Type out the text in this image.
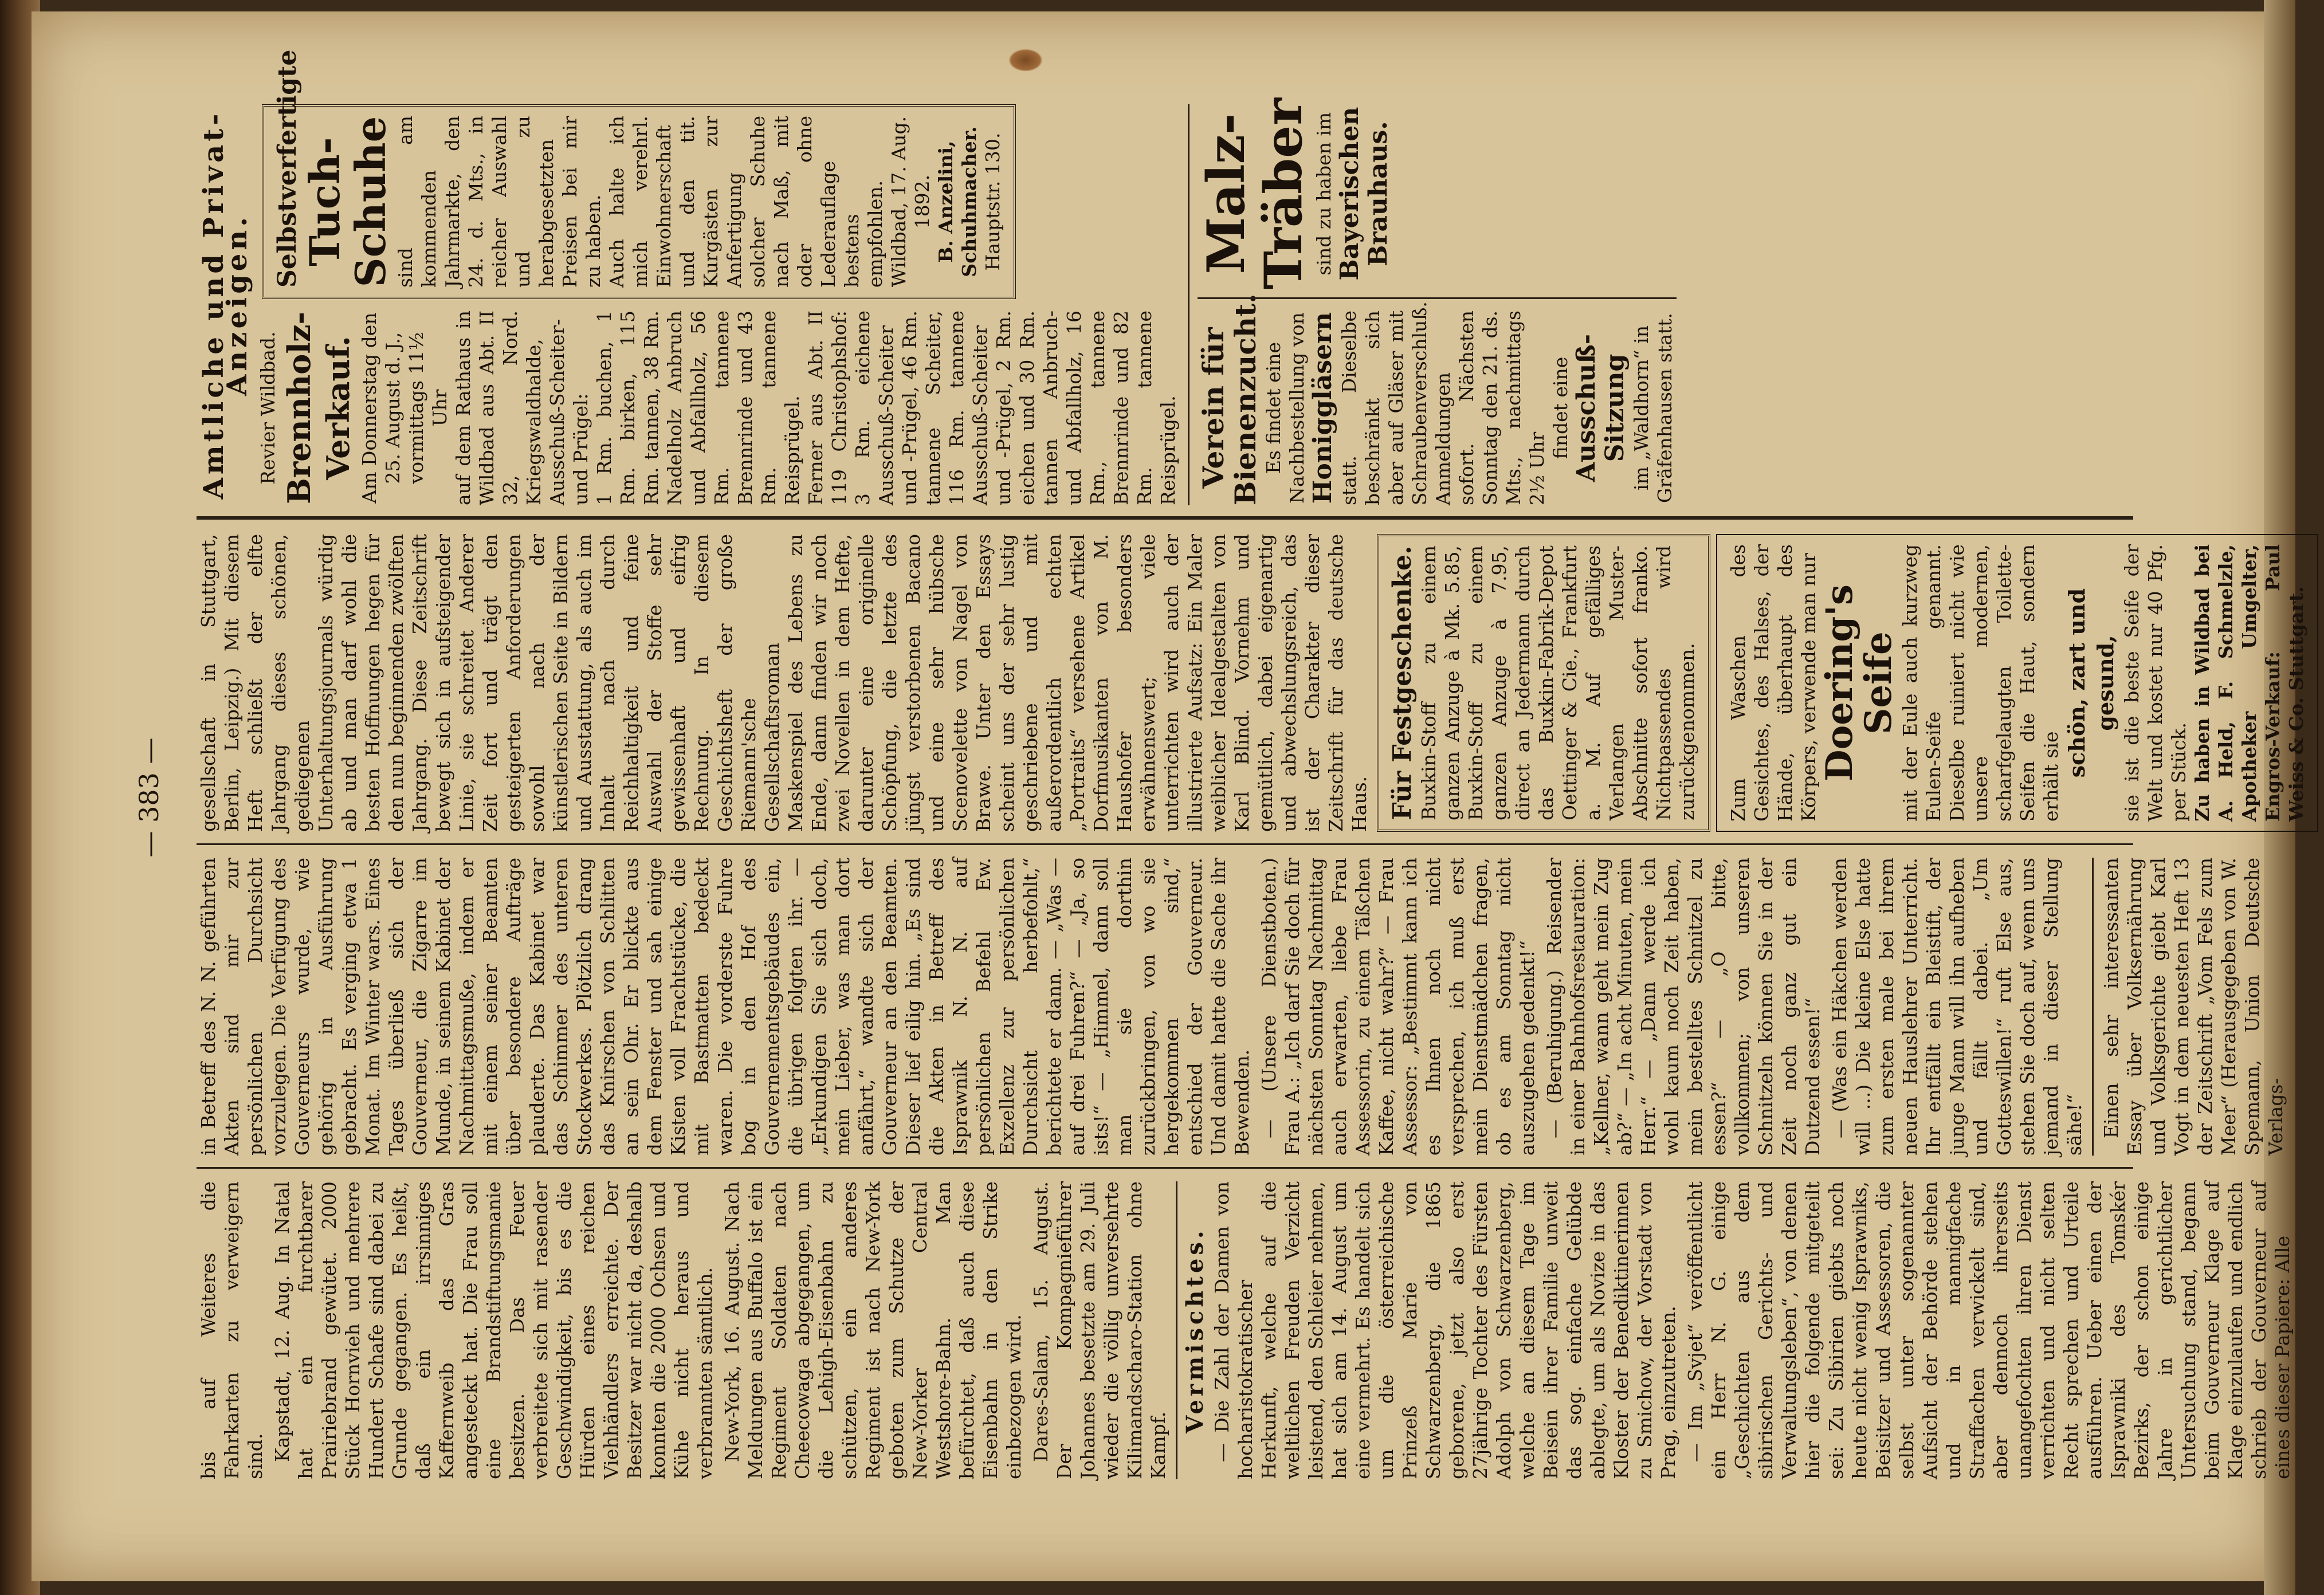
— 383 —

bis auf Weiteres die Fahrkarten zu verweigern sind. Kapstadt, 12. Aug. In Natal hat ein furchtbarer Prairiebrand gewütet. 2000 Stück Hornvieh und mehrere Hundert Schafe sind dabei zu Grunde gegangen. Es heißt, daß ein irrsinniges Kaffernweib das Gras angesteckt hat. Die Frau soll eine Brandstiftungsmanie besitzen. Das Feuer verbreitete sich mit rasender Geschwindigkeit, bis es die Hürden eines reichen Viehhändlers erreichte. Der Besitzer war nicht da, deshalb konnten die 2000 Ochsen und Kühe nicht heraus und verbrannten sämtlich. New-York, 16. August. Nach Meldungen aus Buffalo ist ein Regiment Soldaten nach Cheecowaga abgegangen, um die Lehigh-Eisenbahn zu schützen, ein anderes Regiment ist nach New-York geboten zum Schutze der New-Yorker Central Westshore-Bahn. Man befürchtet, daß auch diese Eisenbahn in den Strike einbezogen wird. Dares-Salam, 15. August. Der Kompagnieführer Johannes besetzte am 29. Juli wieder die völlig unversehrte Kilimandscharo-Station ohne Kampf.

Vermischtes. — Die Zahl der Damen von hocharistokratischer Herkunft, welche auf die weltlichen Freuden Verzicht leistend, den Schleier nehmen, hat sich am 14. August um eine vermehrt. Es handelt sich um die österreichische Prinzeß Marie von Schwarzenberg, die 1865 geborene, jetzt also erst 27jährige Tochter des Fürsten Adolph von Schwarzenberg, welche an diesem Tage im Beisein ihrer Familie unweit das sog. einfache Gelübde ablegte, um als Novize in das Kloster der Benediktinerinnen zu Smichow, der Vorstadt von Prag, einzutreten. — Im „Svjet“ veröffentlicht ein Herr N. G. einige „Geschichten aus dem sibirischen Gerichts- und Verwaltungsleben“, von denen hier die folgende mitgeteilt sei: Zu Sibirien giebts noch heute nicht wenig Isprawniks, Beisitzer und Assessoren, die selbst unter sogenannter Aufsicht der Behörde stehen und in mannigfache Straffachen verwickelt sind, aber dennoch ihrerseits unangefochten ihren Dienst verrichten und nicht selten Recht sprechen und Urteile ausführen. Ueber einen der Isprawniki des Tomskér Bezirks, der schon einige Jahre in gerichtlicher Untersuchung stand, begann beim Gouverneur Klage auf Klage einzulaufen und endlich schrieb der Gouverneur auf eines dieser Papiere: Alle

in Betreff des N. N. geführten Akten sind mir zur persönlichen Durchsicht vorzulegen. Die Verfügung des Gouverneurs wurde, wie gehörig in Ausführung gebracht. Es verging etwa 1 Monat. Im Winter wars. Eines Tages überließ sich der Gouverneur, die Zigarre im Munde, in seinem Kabinet der Nachmittagsmuße, indem er mit einem seiner Beamten über besondere Aufträge plauderte. Das Kabinet war das Schimmer des unteren Stockwerkes. Plötzlich drang das Knirschen von Schlitten an sein Ohr. Er blickte aus dem Fenster und sah einige Kisten voll Frachtstücke, die mit Bastmatten bedeckt waren. Die vorderste Fuhre bog in den Hof des Gouvernementsgebäudes ein, die übrigen folgten ihr. — „Erkundigen Sie sich doch, mein Lieber, was man dort anfährt,“ wandte sich der Gouverneur an den Beamten. Dieser lief eilig hin. „Es sind die Akten in Betreff des Isprawnik N. N. auf persönlichen Befehl Ew. Exzellenz zur persönlichen Durchsicht herbefohlt,“ berichtete er dann. — „Was — auf drei Fuhren?“ — „Ja, so ists!“ — „Himmel, dann soll man sie dorthin zurückbringen, von wo sie hergekommen sind,“ entschied der Gouverneur. Und damit hatte die Sache ihr Bewenden. — (Unsere Dienstboten.) Frau A.: „Ich darf Sie doch für nächsten Sonntag Nachmittag auch erwarten, liebe Frau Assessorin, zu einem Täßchen Kaffee, nicht wahr?“ — Frau Assessor: „Bestimmt kann ich es Ihnen noch nicht versprechen, ich muß erst mein Dienstmädchen fragen, ob es am Sonntag nicht auszugehen gedenkt!“ — (Beruhigung.) Reisender in einer Bahnhofsrestauration: „Kellner, wann geht mein Zug ab?“ — „In acht Minuten, mein Herr.“ — „Dann werde ich wohl kaum noch Zeit haben, mein bestelltes Schnitzel zu essen?“ — „O bitte, vollkommen; von unseren Schnitzeln können Sie in der Zeit noch ganz gut ein Dutzend essen!“ — (Was ein Häkchen werden will ...) Die kleine Else hatte zum ersten male bei ihrem neuen Hauslehrer Unterricht. Ihr entfällt ein Bleistift, der junge Mann will ihn aufheben und fällt dabei. „Um Gotteswillen!“ ruft Else aus, stehen Sie doch auf, wenn uns jemand in dieser Stellung sähe!“ Einen sehr interessanten Essay über Volksernährung und Volksgerichte giebt Karl Vogt in dem neuesten Heft 13 der Zeitschrift „Vom Fels zum Meer“ (Herausgegeben von W. Spemann, Union Deutsche Verlags-

gesellschaft in Stuttgart, Berlin, Leipzig.) Mit diesem Heft schließt der elfte Jahrgang dieses schönen, gediegenen Unterhaltungsjournals würdig ab und man darf wohl die besten Hoffnungen hegen für den nun beginnenden zwölften Jahrgang. Diese Zeitschrift bewegt sich in aufsteigender Linie, sie schreitet Anderer Zeit fort und trägt den gesteigerten Anforderungen sowohl nach der künstlerischen Seite in Bildern und Ausstattung, als auch im Inhalt nach durch Reichhaltigkeit und feine Auswahl der Stoffe sehr gewissenhaft und eifrig Rechnung. In diesem Geschichtsheft der große Riemann'sche Gesellschaftsroman Maskenspiel des Lebens zu Ende, dann finden wir noch zwei Novellen in dem Hefte, darunter eine originelle Schöpfung, die letzte des jüngst verstorbenen Bacano und eine sehr hübsche Scenovelette von Nagel von Brawe. Unter den Essays scheint uns der sehr lustig geschriebene und mit außerordentlich echten „Portraits“ versehene Artikel Dorfmusikanten von M. Haushofer besonders erwähnenswert; viele unterrichten wird auch der illustrierte Aufsatz: Ein Maler weiblicher Idealgestalten von Karl Blind. Vornehm und gemütlich, dabei eigenartig und abwechslungsreich, das ist der Charakter dieser Zeitschrift für das deutsche Haus. Für Festgeschenke. Buxkin-Stoff zu einem ganzen Anzuge à Mk. 5.85, Buxkin-Stoff zu einem ganzen Anzuge à 7.95, direct an Jedermann durch das Buxkin-Fabrik-Depot Oettinger & Cie., Frankfurt a. M. Auf gefälliges Verlangen Muster-Abschnitte sofort franko. Nichtpassendes wird zurückgenommen. Zum Waschen des Gesichtes, des Halses, der Hände, überhaupt des Körpers, verwende man nur
Doering's Seife
mit der Eule auch kurzweg Eulen-Seife genannt. Dieselbe ruiniert nicht wie unsere modernen, scharfgelaugten Toilette-Seifen die Haut, sondern erhält sie schön, zart und gesund, sie ist die beste Seife der Welt und kostet nur 40 Pfg. per Stück. Zu haben in Wildbad bei A. Held, F. Schmelzle, Apotheker Umgelter, Engros-Verkauf: Paul Weiss & Co. Stuttgart.
Amtliche und Privat-Anzeigen.
Revier Wildbad. Brennholz-Verkauf. Am Donnerstag den 25. August d. J., vormittags 11½ Uhr auf dem Rathaus in Wildbad aus Abt. II 32, Nord. Kriegswaldhalde, Ausschuß-Scheiter- und Prügel: 1 Rm. buchen, 1 Rm. birken, 115 Rm. tannen, 38 Rm. Nadelholz Anbruch und Abfallholz, 56 Rm. tannene Brennrinde und 43 Rm. tannene Reisprügel. Ferner aus Abt. II 119 Christophshof: 3 Rm. eichene Ausschuß-Scheiter und -Prügel, 46 Rm. tannene Scheiter, 116 Rm. tannene Ausschuß-Scheiter und -Prügel, 2 Rm. eichen und 30 Rm. tannen Anbruch- und Abfallholz, 16 Rm., tannene Brennrinde und 82 Rm. tannene Reisprügel.
Selbstverfertigte
Tuch-Schuhe sind am kommenden Jahrmarkte, den 24. d. Mts., in reicher Auswahl und zu herabgesetzten Preisen bei mir zu haben. Auch halte ich mich verehrl. Einwohnerschaft und den tit. Kurgästen zur Anfertigung solcher Schuhe nach Maß, mit oder ohne Lederauflage bestens empfohlen. Wildbad, 17. Aug. 1892. B. Anzelini, Schuhmacher. Hauptstr. 130.
Verein für Bienenzucht. Es findet eine Nachbestellung von Honiggläsern statt. Dieselbe beschränkt sich aber auf Gläser mit Schraubenverschluß. Anmeldungen sofort. Nächsten Sonntag den 21. ds. Mts., nachmittags 2½ Uhr
findet eine Ausschuß-Sitzung im „Waldhorn“ in Gräfenhausen statt.
Malz-Träber
sind zu haben im Bayerischen Brauhaus.
